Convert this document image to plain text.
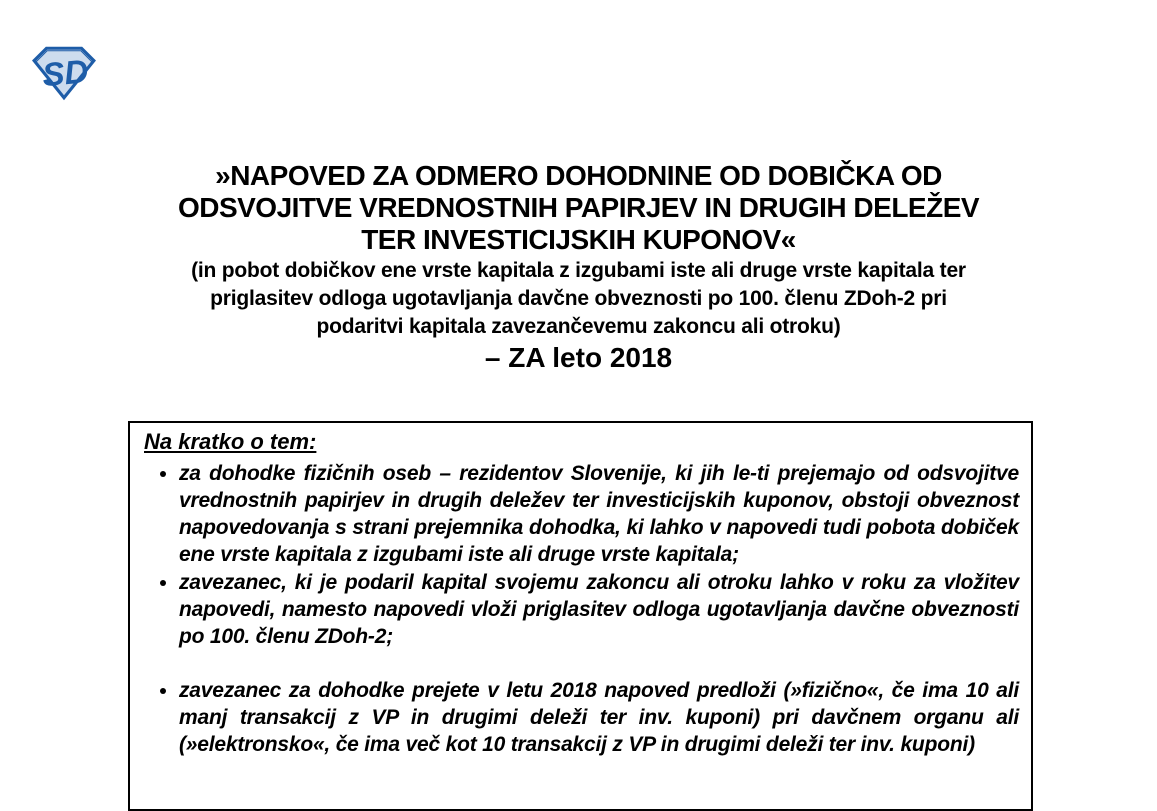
SD
»NAPOVED ZA ODMERO DOHODNINE OD DOBIČKA OD
ODSVOJITVE VREDNOSTNIH PAPIRJEV IN DRUGIH DELEŽEV
TER INVESTICIJSKIH KUPONOV«
(in pobot dobičkov ene vrste kapitala z izgubami iste ali druge vrste kapitala ter
priglasitev odloga ugotavljanja davčne obveznosti po 100. členu ZDoh-2 pri
podaritvi kapitala zavezančevemu zakoncu ali otroku)
– ZA leto 2018
Na kratko o tem:
• za dohodke fizičnih oseb – rezidentov Slovenije, ki jih le-ti prejemajo od odsvojitve vrednostnih papirjev in drugih deležev ter investicijskih kuponov, obstoji obveznost napovedovanja s strani prejemnika dohodka, ki lahko v napovedi tudi pobota dobiček ene vrste kapitala z izgubami iste ali druge vrste kapitala;
• zavezanec, ki je podaril kapital svojemu zakoncu ali otroku lahko v roku za vložitev napovedi, namesto napovedi vloži priglasitev odloga ugotavljanja davčne obveznosti po 100. členu ZDoh-2;
• zavezanec za dohodke prejete v letu 2018 napoved predloži (»fizično«, če ima 10 ali manj transakcij z VP in drugimi deleži ter inv. kuponi) pri davčnem organu ali (»elektronsko«, če ima več kot 10 transakcij z VP in drugimi deleži ter inv. kuponi)
